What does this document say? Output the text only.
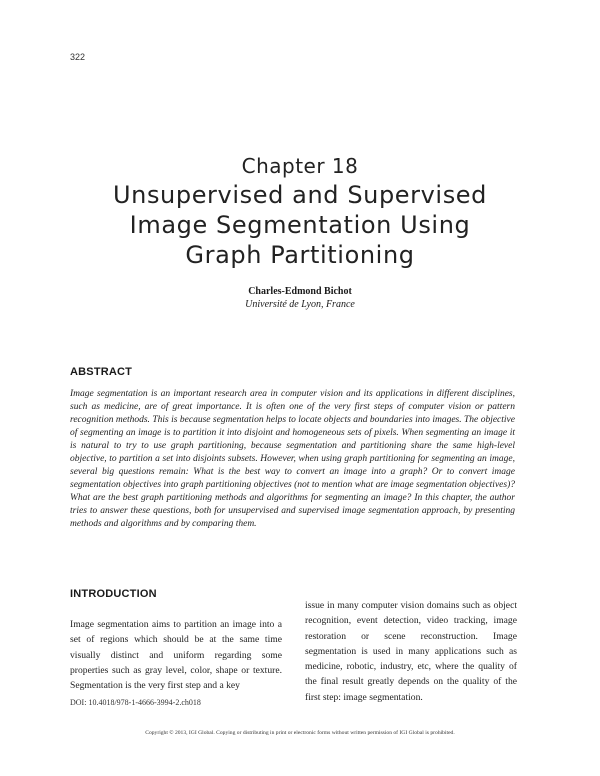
322
Chapter 18
Unsupervised and Supervised
Image Segmentation Using
Graph Partitioning
Charles-Edmond Bichot
Université de Lyon, France
ABSTRACT
Image segmentation is an important research area in computer vision and its applications in different disciplines, such as medicine, are of great importance. It is often one of the very first steps of computer vision or pattern recognition methods. This is because segmentation helps to locate objects and boundaries into images. The objective of segmenting an image is to partition it into disjoint and homogeneous sets of pixels. When segmenting an image it is natural to try to use graph partitioning, because segmentation and partitioning share the same high-level objective, to partition a set into disjoints subsets. However, when using graph partitioning for segmenting an image, several big questions remain: What is the best way to convert an image into a graph? Or to convert image segmentation objectives into graph partitioning objectives (not to mention what are image segmentation objectives)? What are the best graph partitioning methods and algorithms for segmenting an image? In this chapter, the author tries to answer these questions, both for unsupervised and supervised image segmentation approach, by presenting methods and algorithms and by comparing them.
INTRODUCTION
Image segmentation aims to partition an image into a set of regions which should be at the same time visually distinct and uniform regarding some properties such as gray level, color, shape or texture. Segmentation is the very first step and a key
issue in many computer vision domains such as object recognition, event detection, video tracking, image restoration or scene reconstruction. Image segmentation is used in many applications such as medicine, robotic, industry, etc, where the quality of the final result greatly depends on the quality of the first step: image segmentation.
DOI: 10.4018/978-1-4666-3994-2.ch018
Copyright © 2013, IGI Global. Copying or distributing in print or electronic forms without written permission of IGI Global is prohibited.
